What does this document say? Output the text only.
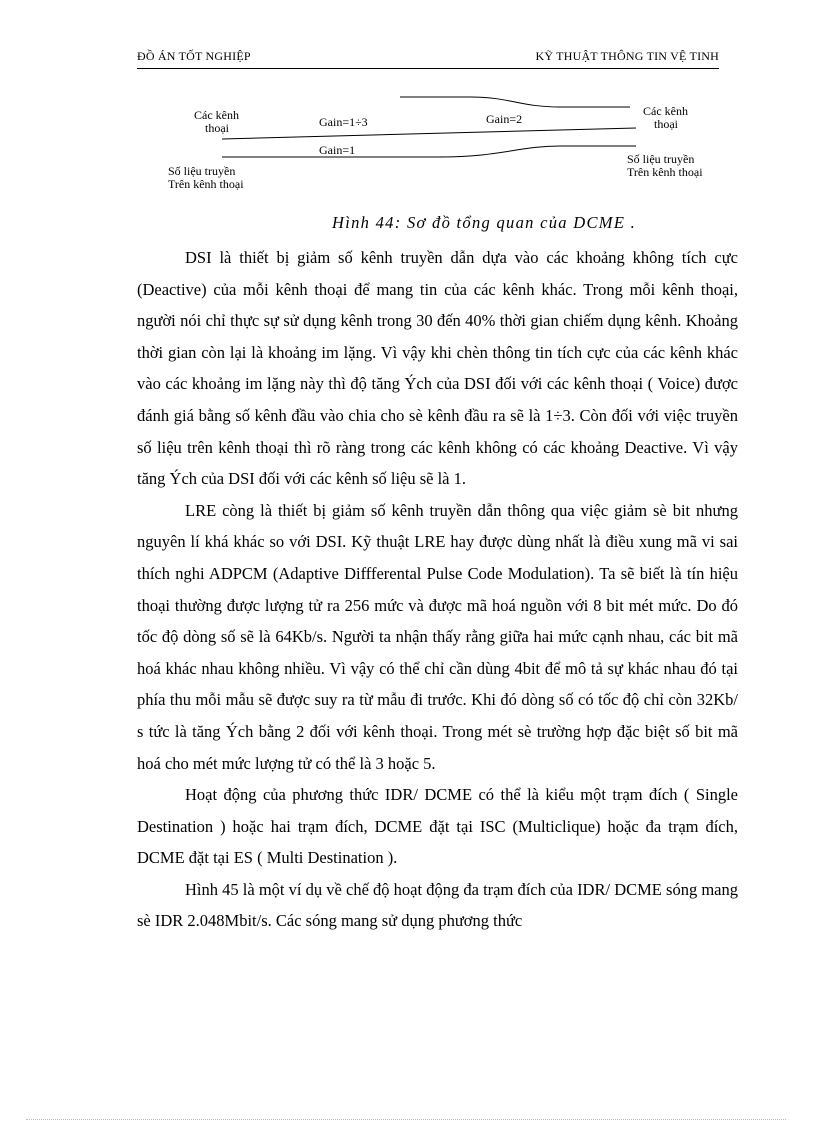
ĐỒ ÁN TỐT NGHIỆP	KỸ THUẬT THÔNG TIN VỆ TINH
Các kênh
thoại	Gain=1÷3	Gain=2
Gain=1
Các kênh
thoại
Số liệu truyền
Trên kênh thoại
Số liệu truyền
Trên kênh thoại
Hình 44: Sơ đồ tổng quan của DCME .

DSI là thiết bị giảm số kênh truyền dẫn dựa vào các khoảng không tích cực (Deactive) của mỗi kênh thoại để mang tin của các kênh khác. Trong mỗi kênh thoại, người nói chỉ thực sự sử dụng kênh trong 30 đến 40% thời gian chiếm dụng kênh. Khoảng thời gian còn lại là khoảng im lặng. Vì vậy khi chèn thông tin tích cực của các kênh khác vào các khoảng im lặng này thì độ tăng Ých của DSI đối với các kênh thoại ( Voice) được đánh giá bằng số kênh đầu vào chia cho sè kênh đầu ra sẽ là 1÷3. Còn đối với việc truyền số liệu trên kênh thoại thì rõ ràng trong các kênh không có các khoảng Deactive. Vì vậy tăng Ých của DSI đối với các kênh số liệu sẽ là 1.

LRE còng là thiết bị giảm số kênh truyền dẫn thông qua việc giảm sè bit nhưng nguyên lí khá khác so với DSI. Kỹ thuật LRE hay được dùng nhất là điều xung mã vi sai thích nghi ADPCM (Adaptive Diffferental Pulse Code Modulation). Ta sẽ biết là tín hiệu thoại thường được lượng tử ra 256 mức và được mã hoá nguồn với 8 bit mét mức. Do đó tốc độ dòng số sẽ là 64Kb/s. Người ta nhận thấy rằng giữa hai mức cạnh nhau, các bit mã hoá khác nhau không nhiều. Vì vậy có thể chỉ cần dùng 4bit để mô tả sự khác nhau đó tại phía thu mỗi mẫu sẽ được suy ra từ mẫu đi trước. Khi đó dòng số có tốc độ chỉ còn 32Kb/ s tức là tăng Ých bằng 2 đối với kênh thoại. Trong mét sè trường hợp đặc biệt số bit mã hoá cho mét mức lượng tử có thể là 3 hoặc 5.

Hoạt động của phương thức IDR/ DCME có thể là kiểu một trạm đích ( Single Destination ) hoặc hai trạm đích, DCME đặt tại ISC (Multiclique) hoặc đa trạm đích, DCME đặt tại ES ( Multi Destination ).

Hình 45 là một ví dụ về chế độ hoạt động đa trạm đích của IDR/ DCME sóng mang sè IDR 2.048Mbit/s. Các sóng mang sử dụng phương thức
